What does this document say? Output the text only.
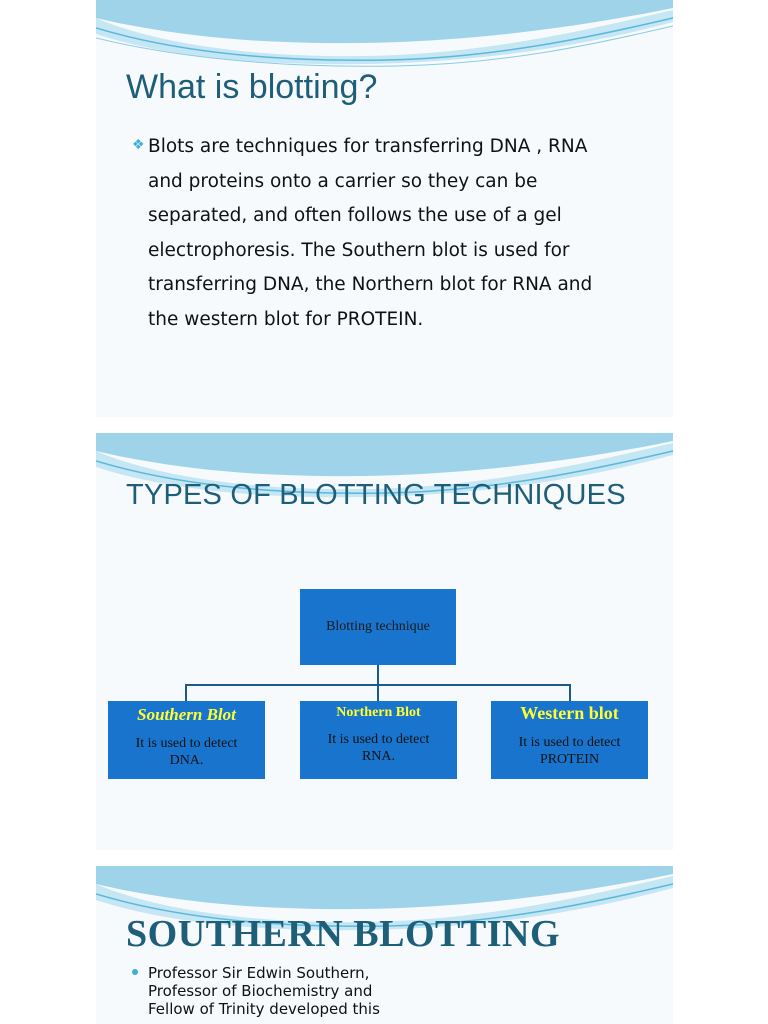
What is blotting?
❖ Blots are techniques for transferring DNA , RNA
and proteins onto a carrier so they can be
separated, and often follows the use of a gel
electrophoresis. The Southern blot is used for
transferring DNA, the Northern blot for RNA and
the western blot for PROTEIN.
TYPES OF BLOTTING TECHNIQUES
Blotting technique
Southern Blot
It is used to detect
DNA.
Northern Blot
It is used to detect
RNA.
Western blot
It is used to detect
PROTEIN
SOUTHERN BLOTTING
Professor Sir Edwin Southern,
Professor of Biochemistry and
Fellow of Trinity developed this
